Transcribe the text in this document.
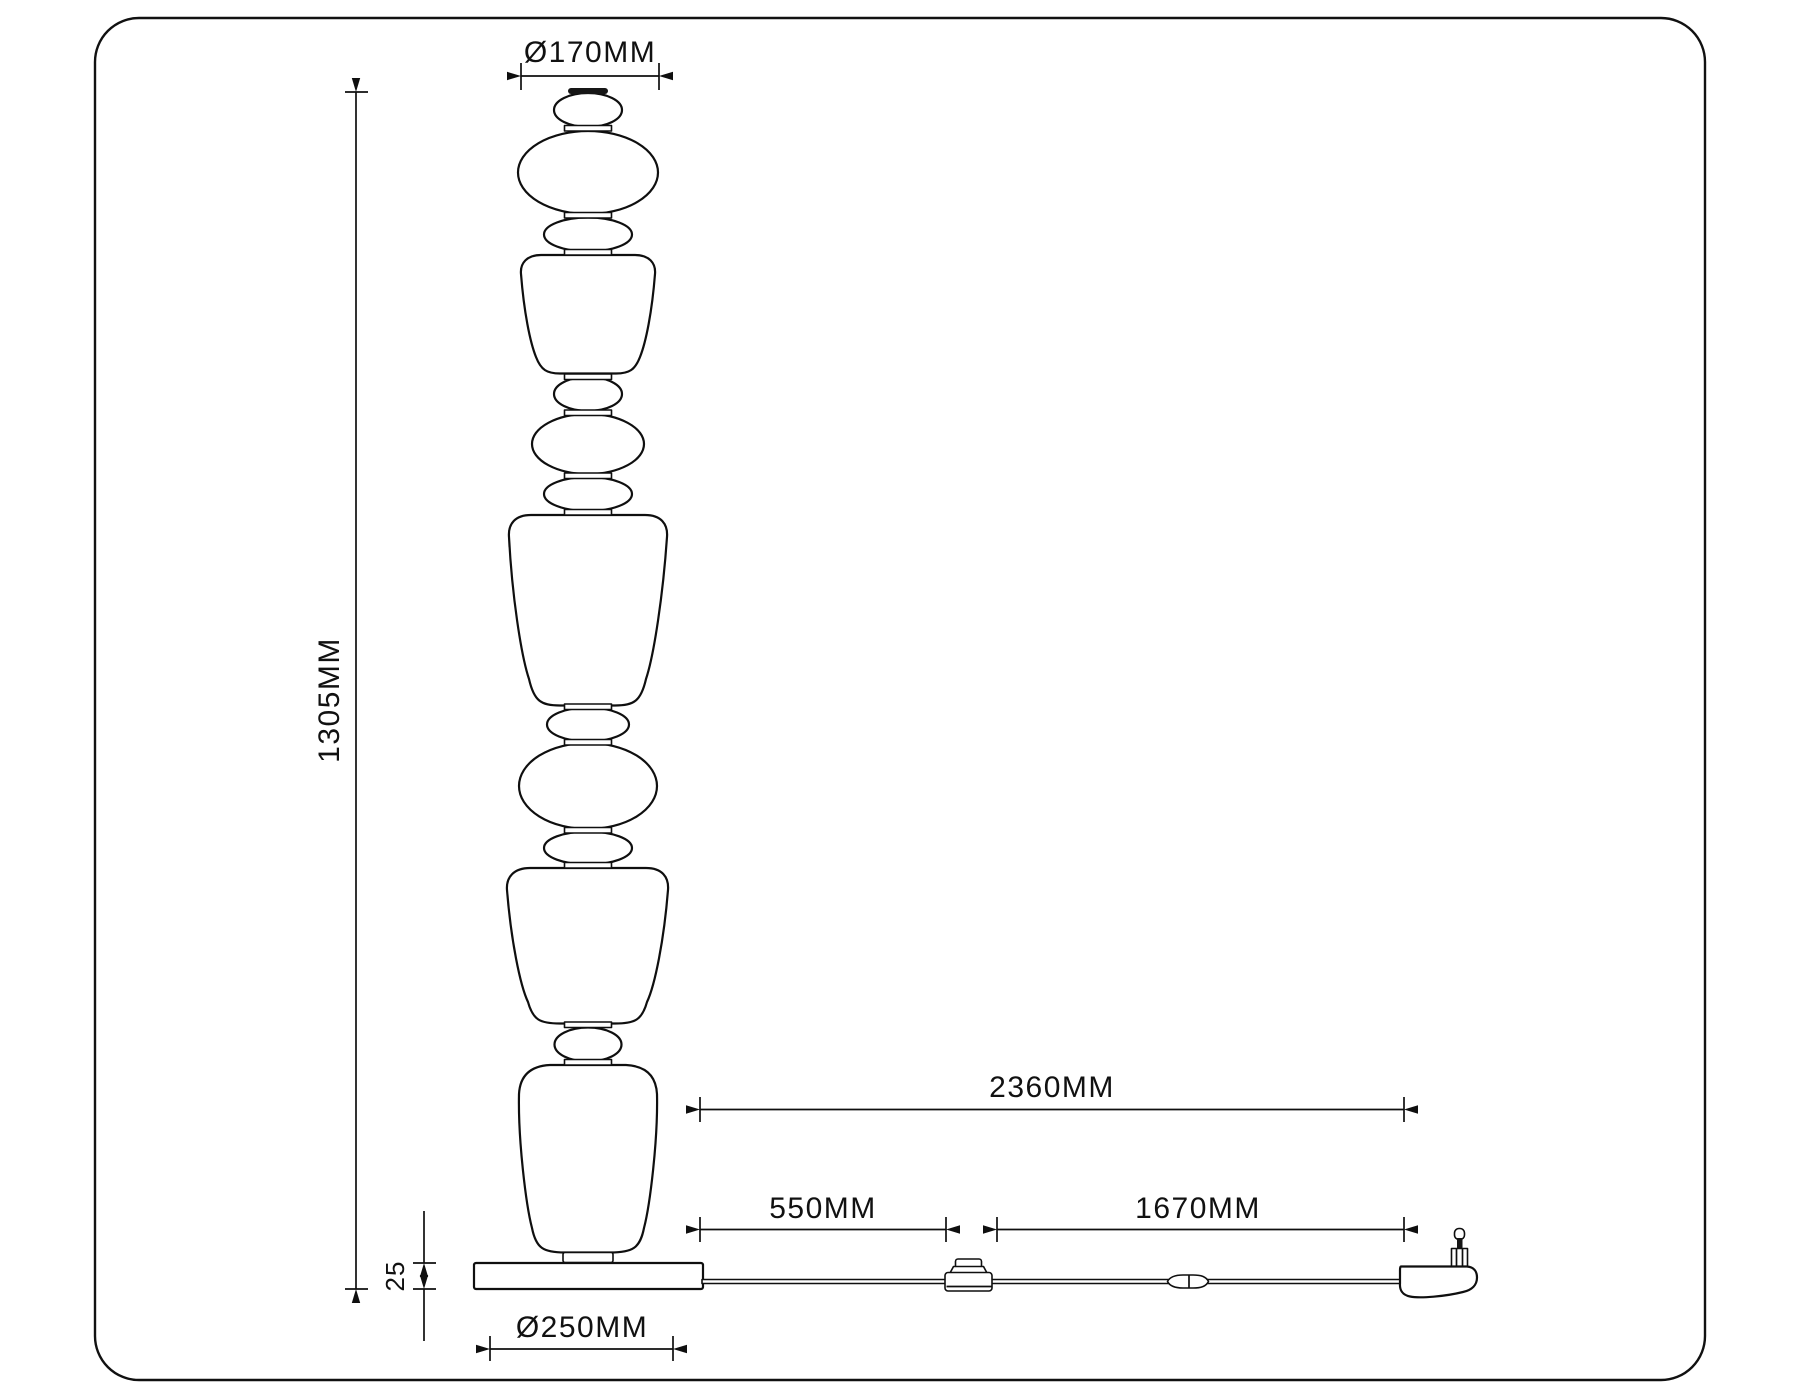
Ø170MM
1305MM
2360MM
550MM	1670MM
25
Ø250MM
